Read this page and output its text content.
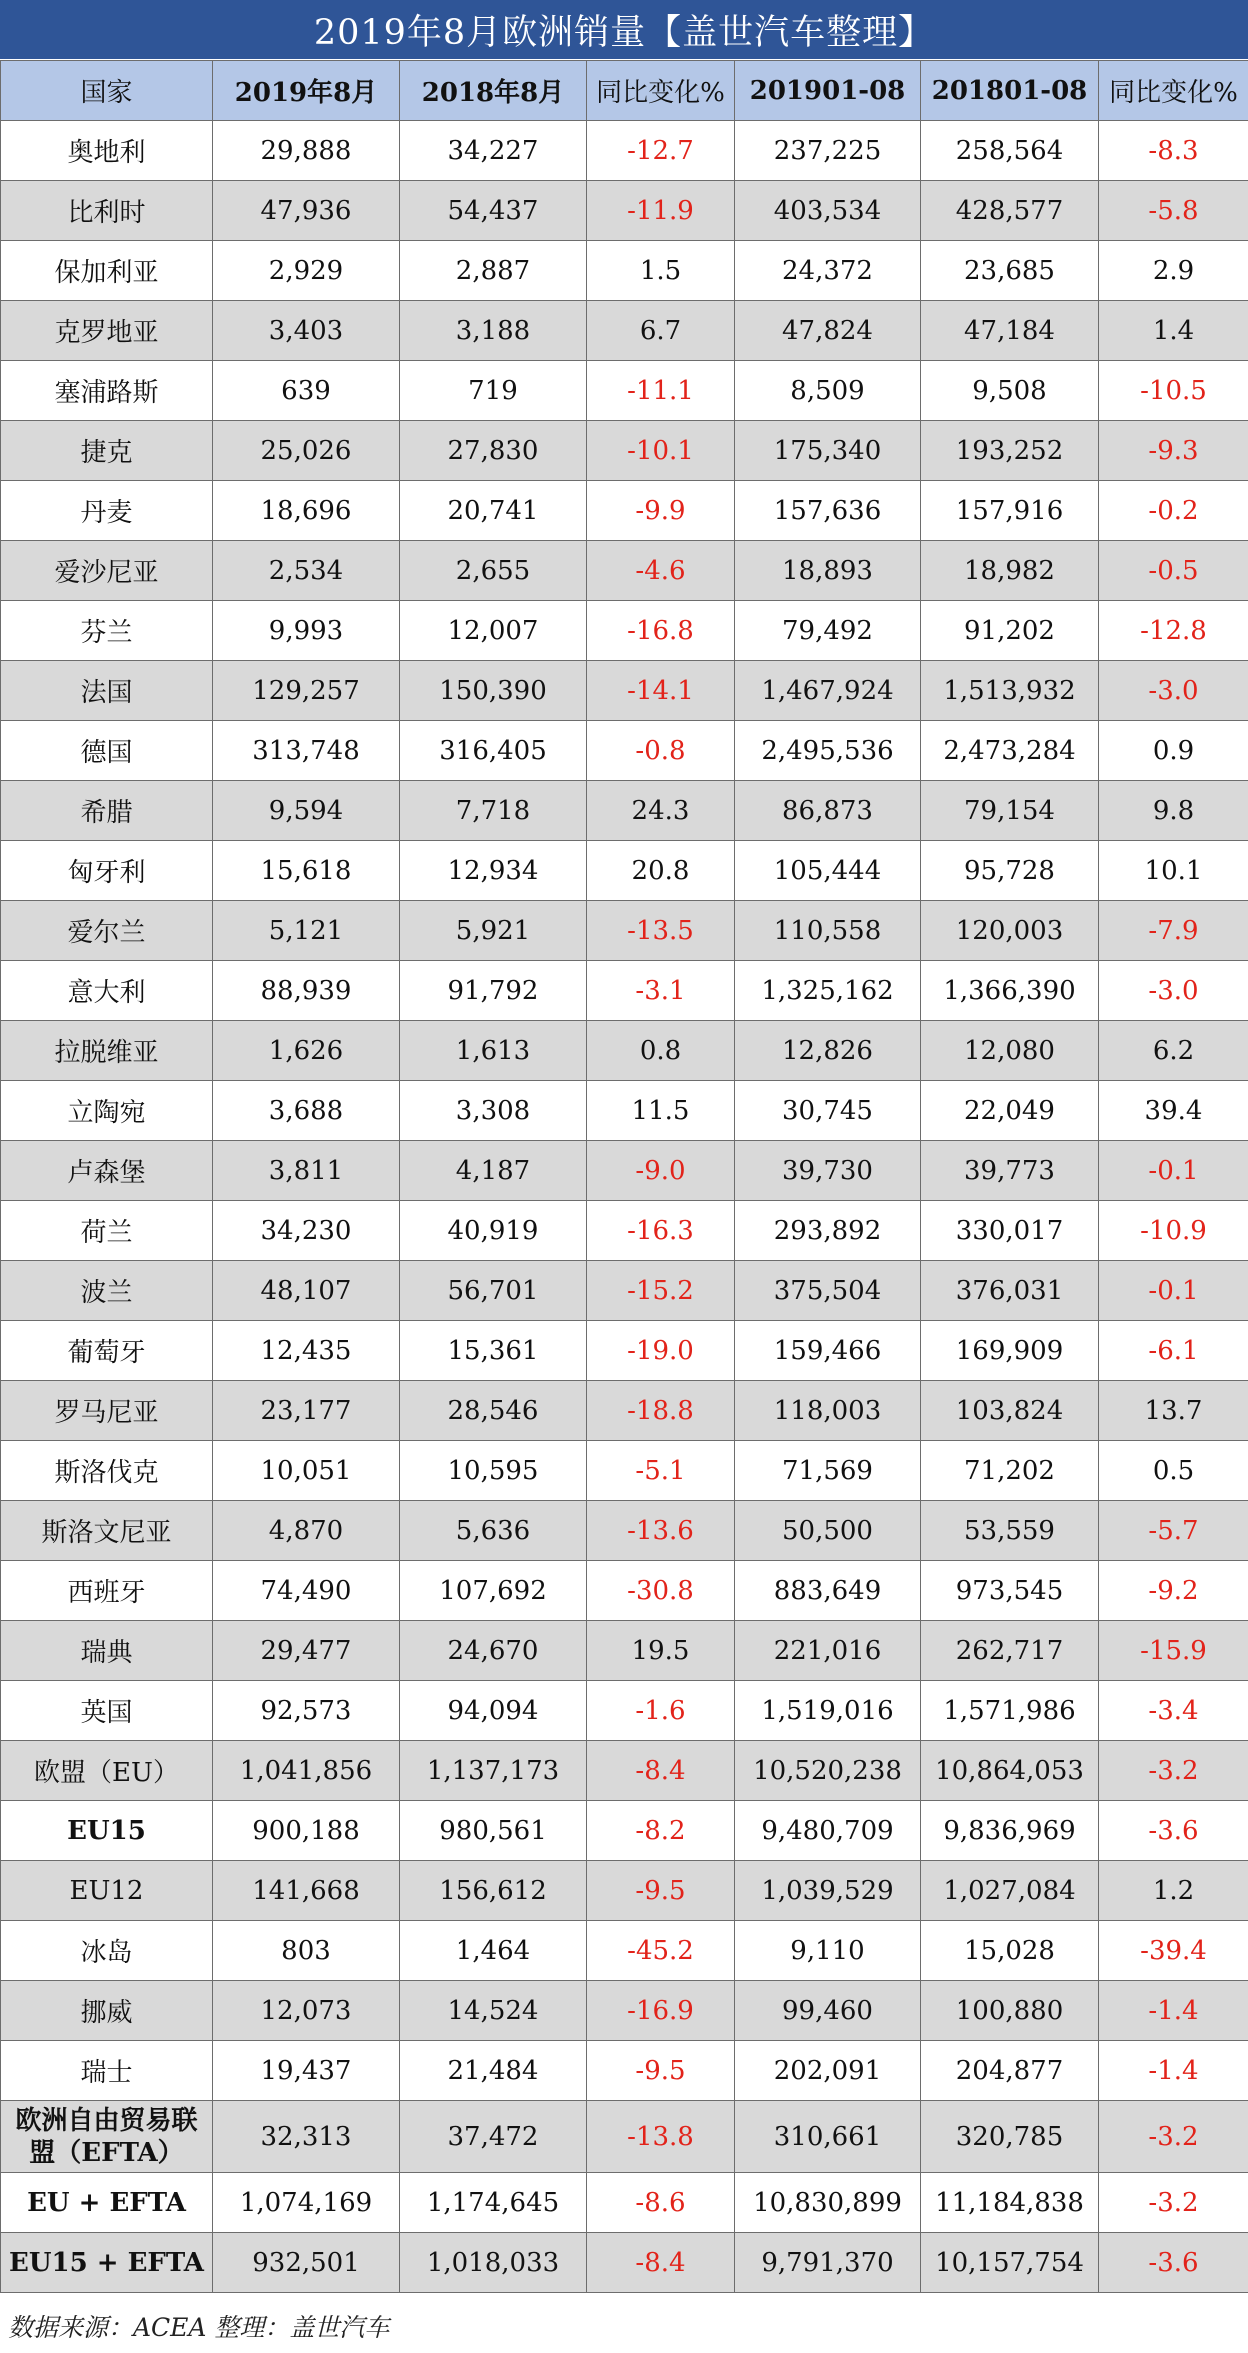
2019年8月欧洲销量【盖世汽车整理】
国家	2019年8月	2018年8月	同比变化%	201901-08	201801-08	同比变化%
奥地利	29,888	34,227	-12.7	237,225	258,564	-8.3
比利时	47,936	54,437	-11.9	403,534	428,577	-5.8
保加利亚	2,929	2,887	1.5	24,372	23,685	2.9
克罗地亚	3,403	3,188	6.7	47,824	47,184	1.4
塞浦路斯	639	719	-11.1	8,509	9,508	-10.5
捷克	25,026	27,830	-10.1	175,340	193,252	-9.3
丹麦	18,696	20,741	-9.9	157,636	157,916	-0.2
爱沙尼亚	2,534	2,655	-4.6	18,893	18,982	-0.5
芬兰	9,993	12,007	-16.8	79,492	91,202	-12.8
法国	129,257	150,390	-14.1	1,467,924	1,513,932	-3.0
德国	313,748	316,405	-0.8	2,495,536	2,473,284	0.9
希腊	9,594	7,718	24.3	86,873	79,154	9.8
匈牙利	15,618	12,934	20.8	105,444	95,728	10.1
爱尔兰	5,121	5,921	-13.5	110,558	120,003	-7.9
意大利	88,939	91,792	-3.1	1,325,162	1,366,390	-3.0
拉脱维亚	1,626	1,613	0.8	12,826	12,080	6.2
立陶宛	3,688	3,308	11.5	30,745	22,049	39.4
卢森堡	3,811	4,187	-9.0	39,730	39,773	-0.1
荷兰	34,230	40,919	-16.3	293,892	330,017	-10.9
波兰	48,107	56,701	-15.2	375,504	376,031	-0.1
葡萄牙	12,435	15,361	-19.0	159,466	169,909	-6.1
罗马尼亚	23,177	28,546	-18.8	118,003	103,824	13.7
斯洛伐克	10,051	10,595	-5.1	71,569	71,202	0.5
斯洛文尼亚	4,870	5,636	-13.6	50,500	53,559	-5.7
西班牙	74,490	107,692	-30.8	883,649	973,545	-9.2
瑞典	29,477	24,670	19.5	221,016	262,717	-15.9
英国	92,573	94,094	-1.6	1,519,016	1,571,986	-3.4
欧盟（EU）	1,041,856	1,137,173	-8.4	10,520,238	10,864,053	-3.2
EU15	900,188	980,561	-8.2	9,480,709	9,836,969	-3.6
EU12	141,668	156,612	-9.5	1,039,529	1,027,084	1.2
冰岛	803	1,464	-45.2	9,110	15,028	-39.4
挪威	12,073	14,524	-16.9	99,460	100,880	-1.4
瑞士	19,437	21,484	-9.5	202,091	204,877	-1.4
欧洲自由贸易联盟（EFTA）	32,313	37,472	-13.8	310,661	320,785	-3.2
EU + EFTA	1,074,169	1,174,645	-8.6	10,830,899	11,184,838	-3.2
EU15 + EFTA	932,501	1,018,033	-8.4	9,791,370	10,157,754	-3.6
数据来源：ACEA 整理：盖世汽车
